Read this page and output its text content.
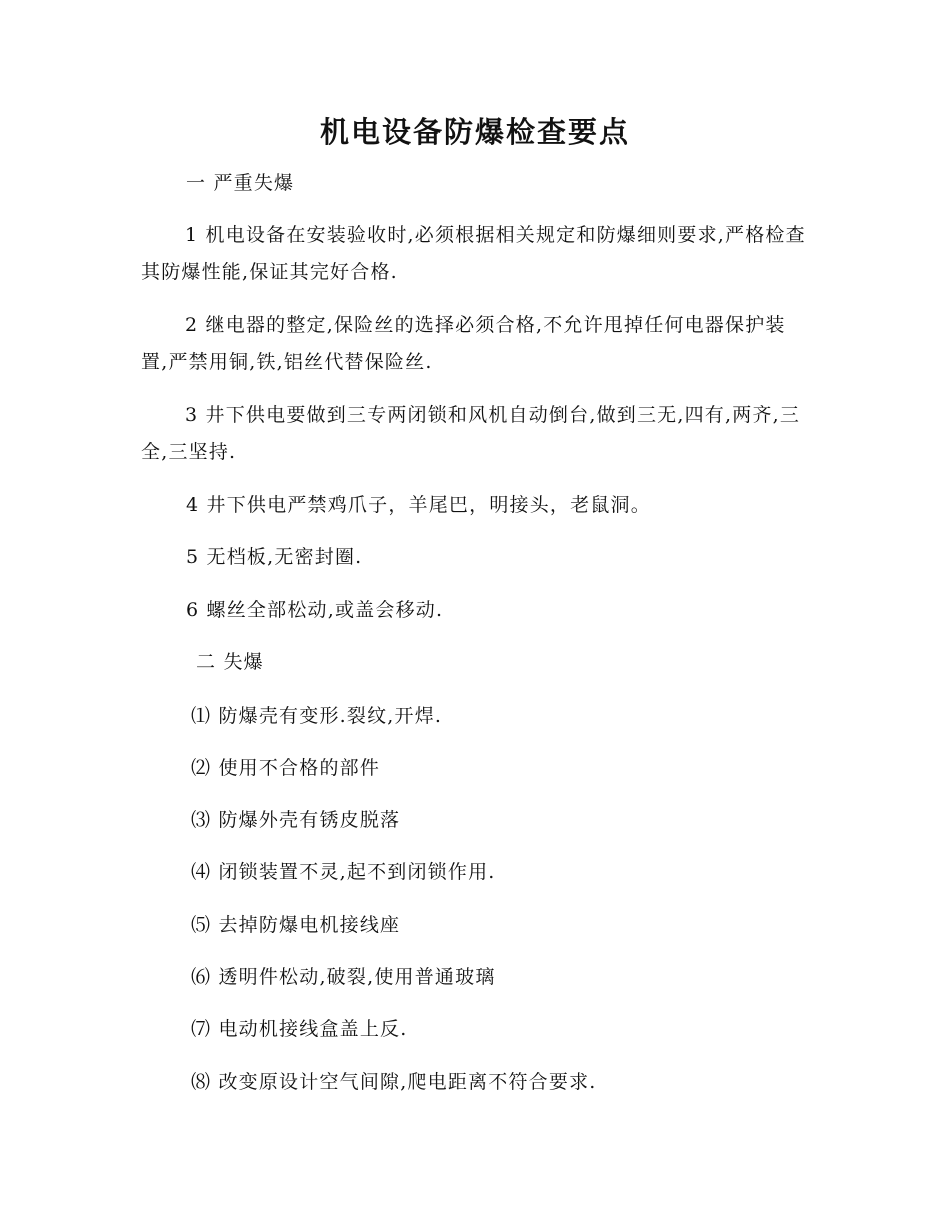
机电设备防爆检查要点
一 严重失爆

1 机电设备在安装验收时,必须根据相关规定和防爆细则要求,严格检查其防爆性能,保证其完好合格.

2 继电器的整定,保险丝的选择必须合格,不允许甩掉任何电器保护装置,严禁用铜,铁,铝丝代替保险丝.

3 井下供电要做到三专两闭锁和风机自动倒台,做到三无,四有,两齐,三全,三坚持.

4 井下供电严禁鸡爪子，羊尾巴，明接头，老鼠洞。
5 无档板,无密封圈.
6 螺丝全部松动,或盖会移动.
二 失爆
⑴ 防爆壳有变形.裂纹,开焊.
⑵ 使用不合格的部件
⑶ 防爆外壳有锈皮脱落
⑷ 闭锁装置不灵,起不到闭锁作用.
⑸ 去掉防爆电机接线座
⑹ 透明件松动,破裂,使用普通玻璃
⑺ 电动机接线盒盖上反.
⑻ 改变原设计空气间隙,爬电距离不符合要求.
